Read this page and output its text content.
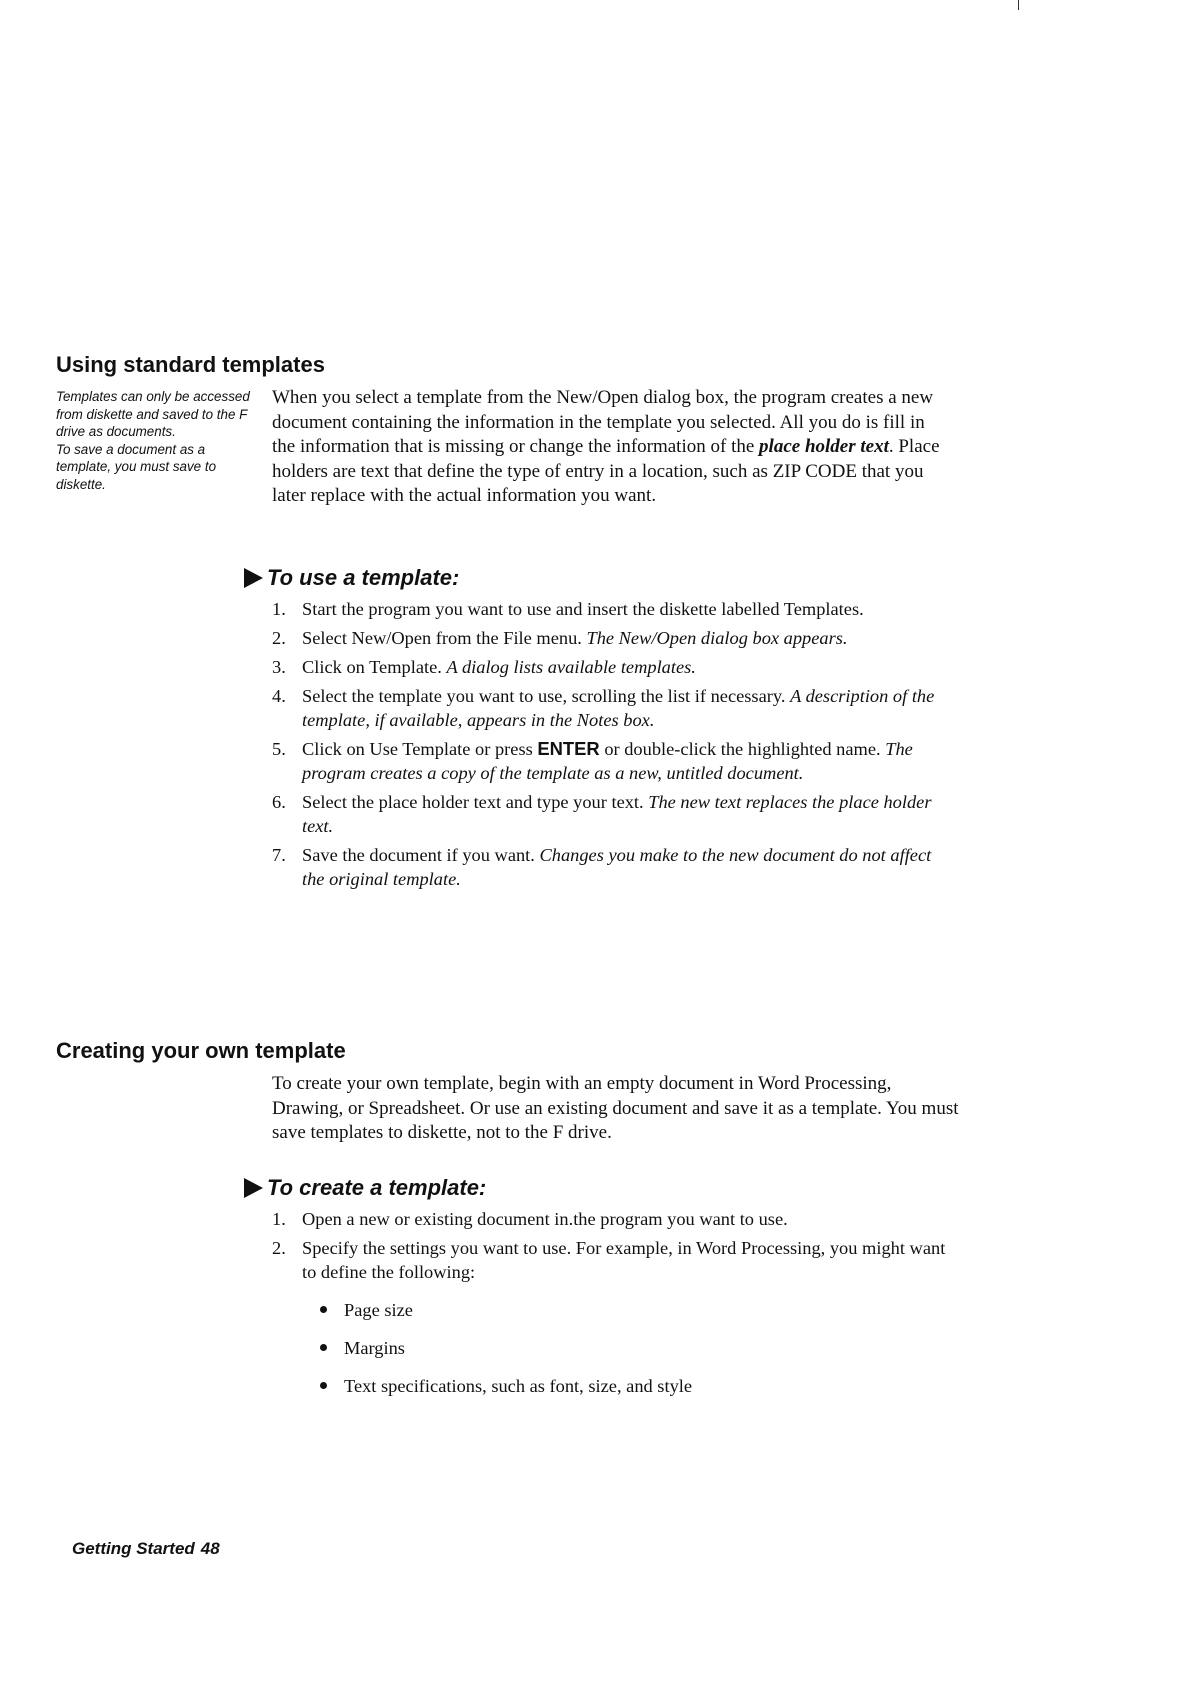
Using standard templates

Templates can only be accessed from diskette and saved to the F drive as documents.

To save a document as a template, you must save to diskette.

When you select a template from the New/Open dialog box, the program creates a new document containing the information in the template you selected. All you do is fill in the information that is missing or change the information of the place holder text. Place holders are text that define the type of entry in a location, such as ZIP CODE that you later replace with the actual information you want.

To use a template:
1. Start the program you want to use and insert the diskette labelled Templates.
2. Select New/Open from the File menu. The New/Open dialog box appears.
3. Click on Template. A dialog lists available templates.
4. Select the template you want to use, scrolling the list if necessary. A description of the template, if available, appears in the Notes box.
5. Click on Use Template or press ENTER or double-click the highlighted name. The program creates a copy of the template as a new, untitled document.
6. Select the place holder text and type your text. The new text replaces the place holder text.
7. Save the document if you want. Changes you make to the new document do not affect the original template.
Creating your own template

To create your own template, begin with an empty document in Word Processing, Drawing, or Spreadsheet. Or use an existing document and save it as a template. You must save templates to diskette, not to the F drive.

To create a template:
1. Open a new or existing document in.the program you want to use.
2. Specify the settings you want to use. For example, in Word Processing, you might want to define the following:
Page size
Margins
Text specifications, such as font, size, and style
Getting Started 48
